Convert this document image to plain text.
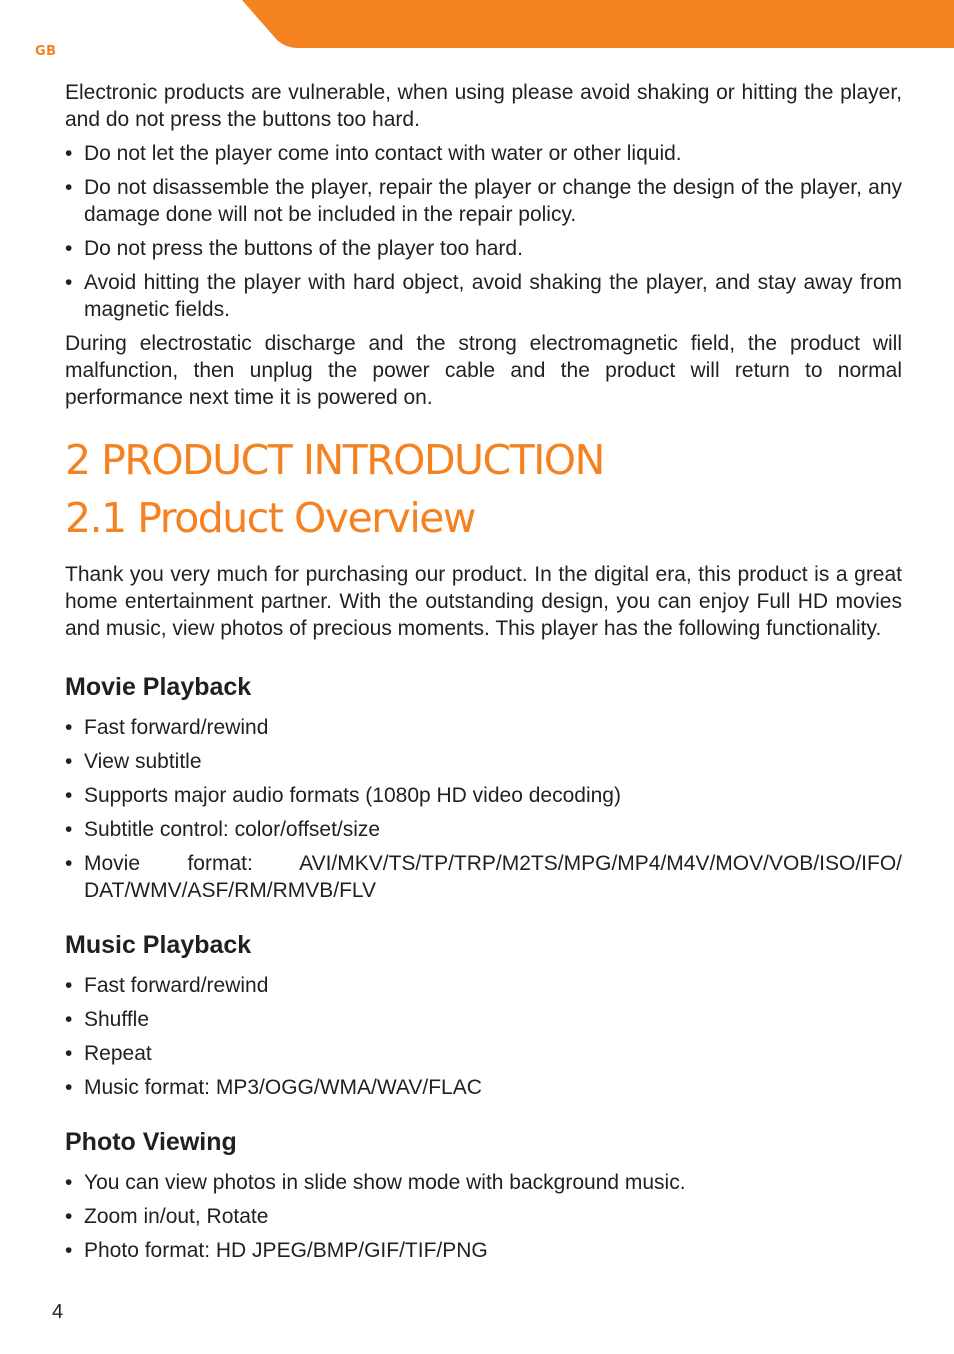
GB

Electronic products are vulnerable, when using please avoid shaking or hitting the player, and do not press the buttons too hard.

• Do not let the player come into contact with water or other liquid.
• Do not disassemble the player, repair the player or change the design of the player, any damage done will not be included in the repair policy.
• Do not press the buttons of the player too hard.
• Avoid hitting the player with hard object, avoid shaking the player, and stay away from magnetic fields.

During electrostatic discharge and the strong electromagnetic field, the product will malfunction, then unplug the power cable and the product will return to normal performance next time it is powered on.

2 PRODUCT INTRODUCTION
2.1 Product Overview

Thank you very much for purchasing our product. In the digital era, this product is a great home entertainment partner. With the outstanding design, you can enjoy Full HD movies and music, view photos of precious moments. This player has the following functionality.

Movie Playback
• Fast forward/rewind
• View subtitle
• Supports major audio formats (1080p HD video decoding)
• Subtitle control: color/offset/size
• Movie format: AVI/MKV/TS/TP/TRP/M2TS/MPG/MP4/M4V/MOV/VOB/ISO/IFO/ DAT/WMV/ASF/RM/RMVB/FLV
Music Playback
• Fast forward/rewind
• Shuffle
• Repeat
• Music format: MP3/OGG/WMA/WAV/FLAC
Photo Viewing
• You can view photos in slide show mode with background music.
• Zoom in/out, Rotate
• Photo format: HD JPEG/BMP/GIF/TIF/PNG
4
